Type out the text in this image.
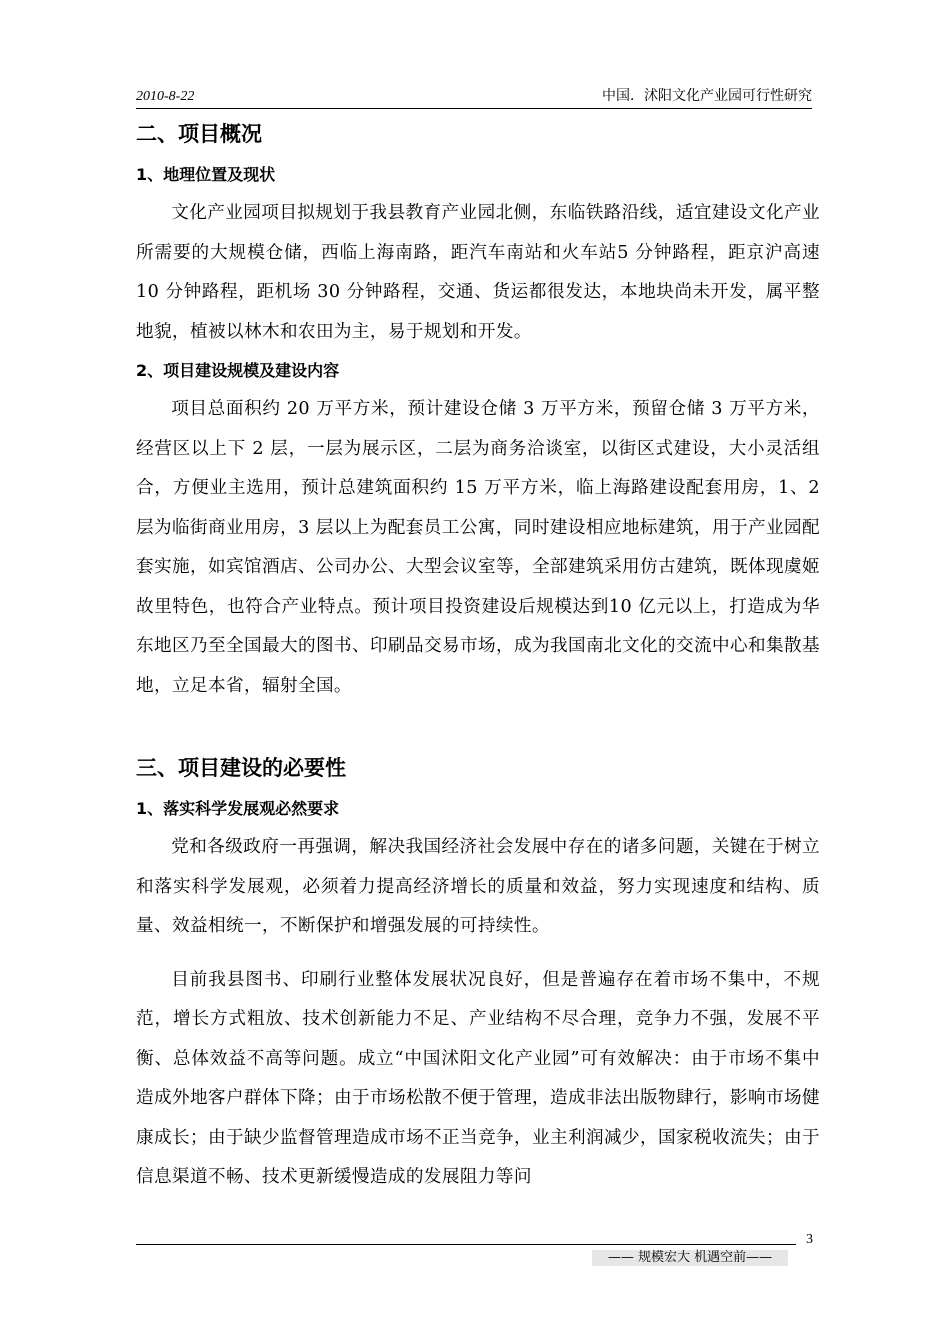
2010-8-22	中国．沭阳文化产业园可行性研究
二、项目概况
1、地理位置及现状

文化产业园项目拟规划于我县教育产业园北侧，东临铁路沿线，适宜建设文化产业所需要的大规模仓储，西临上海南路，距汽车南站和火车站5 分钟路程，距京沪高速 10 分钟路程，距机场 30 分钟路程，交通、货运都很发达，本地块尚未开发，属平整地貌，植被以林木和农田为主，易于规划和开发。

2、项目建设规模及建设内容

项目总面积约 20 万平方米，预计建设仓储 3 万平方米，预留仓储 3 万平方米，经营区以上下 2 层，一层为展示区，二层为商务洽谈室，以街区式建设，大小灵活组合，方便业主选用，预计总建筑面积约 15 万平方米，临上海路建设配套用房，1、2 层为临街商业用房，3 层以上为配套员工公寓，同时建设相应地标建筑，用于产业园配套实施，如宾馆酒店、公司办公、大型会议室等，全部建筑采用仿古建筑，既体现虞姬故里特色，也符合产业特点。预计项目投资建设后规模达到10 亿元以上，打造成为华东地区乃至全国最大的图书、印刷品交易市场，成为我国南北文化的交流中心和集散基地，立足本省，辐射全国。

三、项目建设的必要性
1、落实科学发展观必然要求

党和各级政府一再强调，解决我国经济社会发展中存在的诸多问题，关键在于树立和落实科学发展观，必须着力提高经济增长的质量和效益，努力实现速度和结构、质量、效益相统一，不断保护和增强发展的可持续性。

目前我县图书、印刷行业整体发展状况良好，但是普遍存在着市场不集中，不规范，增长方式粗放、技术创新能力不足、产业结构不尽合理，竞争力不强，发展不平衡、总体效益不高等问题。成立“中国沭阳文化产业园”可有效解决：由于市场不集中造成外地客户群体下降；由于市场松散不便于管理，造成非法出版物肆行，影响市场健康成长；由于缺少监督管理造成市场不正当竞争，业主利润减少，国家税收流失；由于信息渠道不畅、技术更新缓慢造成的发展阻力等问

3
—— 规模宏大 机遇空前——
